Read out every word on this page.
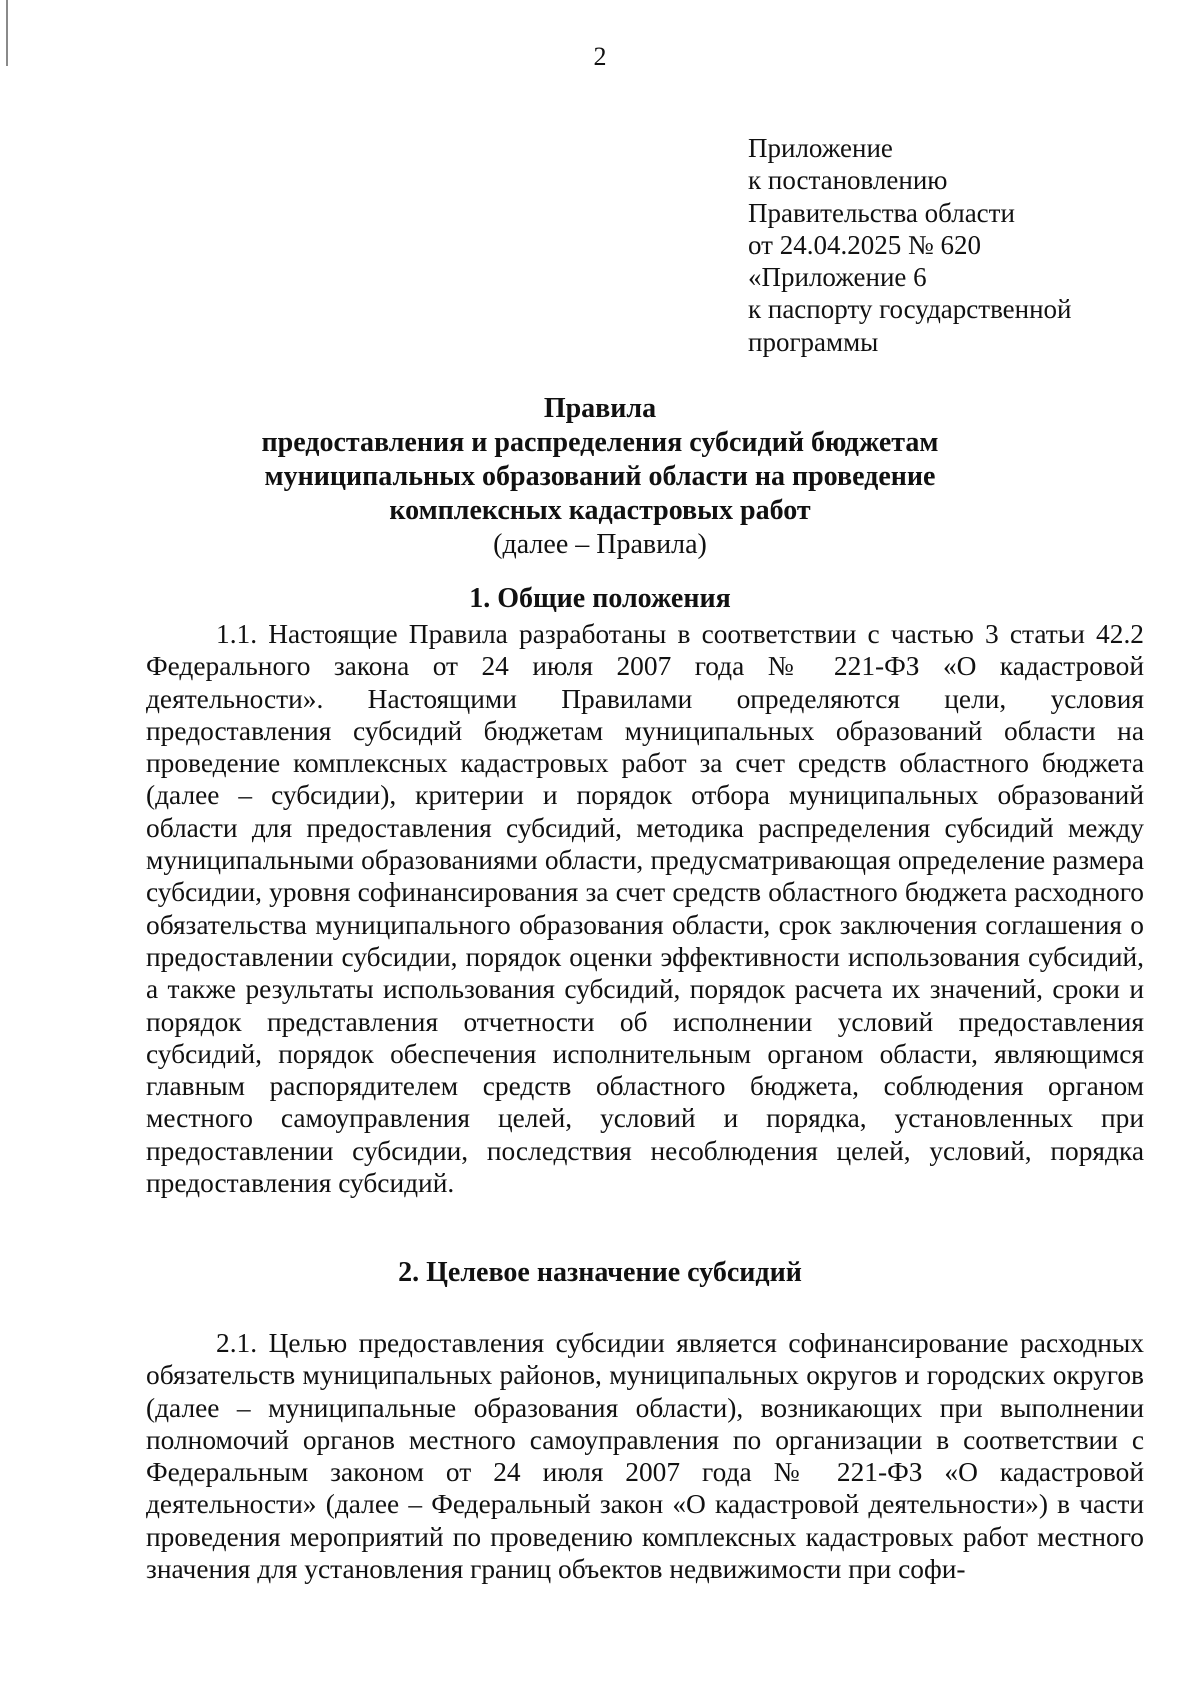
2
Приложение
к постановлению
Правительства области
от 24.04.2025 № 620
«Приложение 6
к паспорту государственной
программы
Правила
предоставления и распределения субсидий бюджетам
муниципальных образований области на проведение
комплексных кадастровых работ
(далее – Правила)
1. Общие положения

1.1. Настоящие Правила разработаны в соответствии с частью 3 статьи 42.2 Федерального закона от 24 июля 2007 года № 221-ФЗ «О кадастровой деятельности». Настоящими Правилами определяются цели, условия предоставления субсидий бюджетам муниципальных образований области на проведение комплексных кадастровых работ за счет средств областного бюджета (далее – субсидии), критерии и порядок отбора муниципальных образований области для предоставления субсидий, методика распределения субсидий между муниципальными образованиями области, предусматривающая определение размера субсидии, уровня софинансирования за счет средств областного бюджета расходного обязательства муниципального образования области, срок заключения соглашения о предоставлении субсидии, порядок оценки эффективности использования субсидий, а также результаты использования субсидий, порядок расчета их значений, сроки и порядок представления отчетности об исполнении условий предоставления субсидий, порядок обеспечения исполнительным органом области, являющимся главным распорядителем средств областного бюджета, соблюдения органом местного самоуправления целей, условий и порядка, установленных при предоставлении субсидии, последствия несоблюдения целей, условий, порядка предоставления субсидий.

2. Целевое назначение субсидий

2.1. Целью предоставления субсидии является софинансирование расходных обязательств муниципальных районов, муниципальных округов и городских округов (далее – муниципальные образования области), возникающих при выполнении полномочий органов местного самоуправления по организации в соответствии с Федеральным законом от 24 июля 2007 года № 221-ФЗ «О кадастровой деятельности» (далее – Федеральный закон «О кадастровой деятельности») в части проведения мероприятий по проведению комплексных кадастровых работ местного значения для установления границ объектов недвижимости при софи-
